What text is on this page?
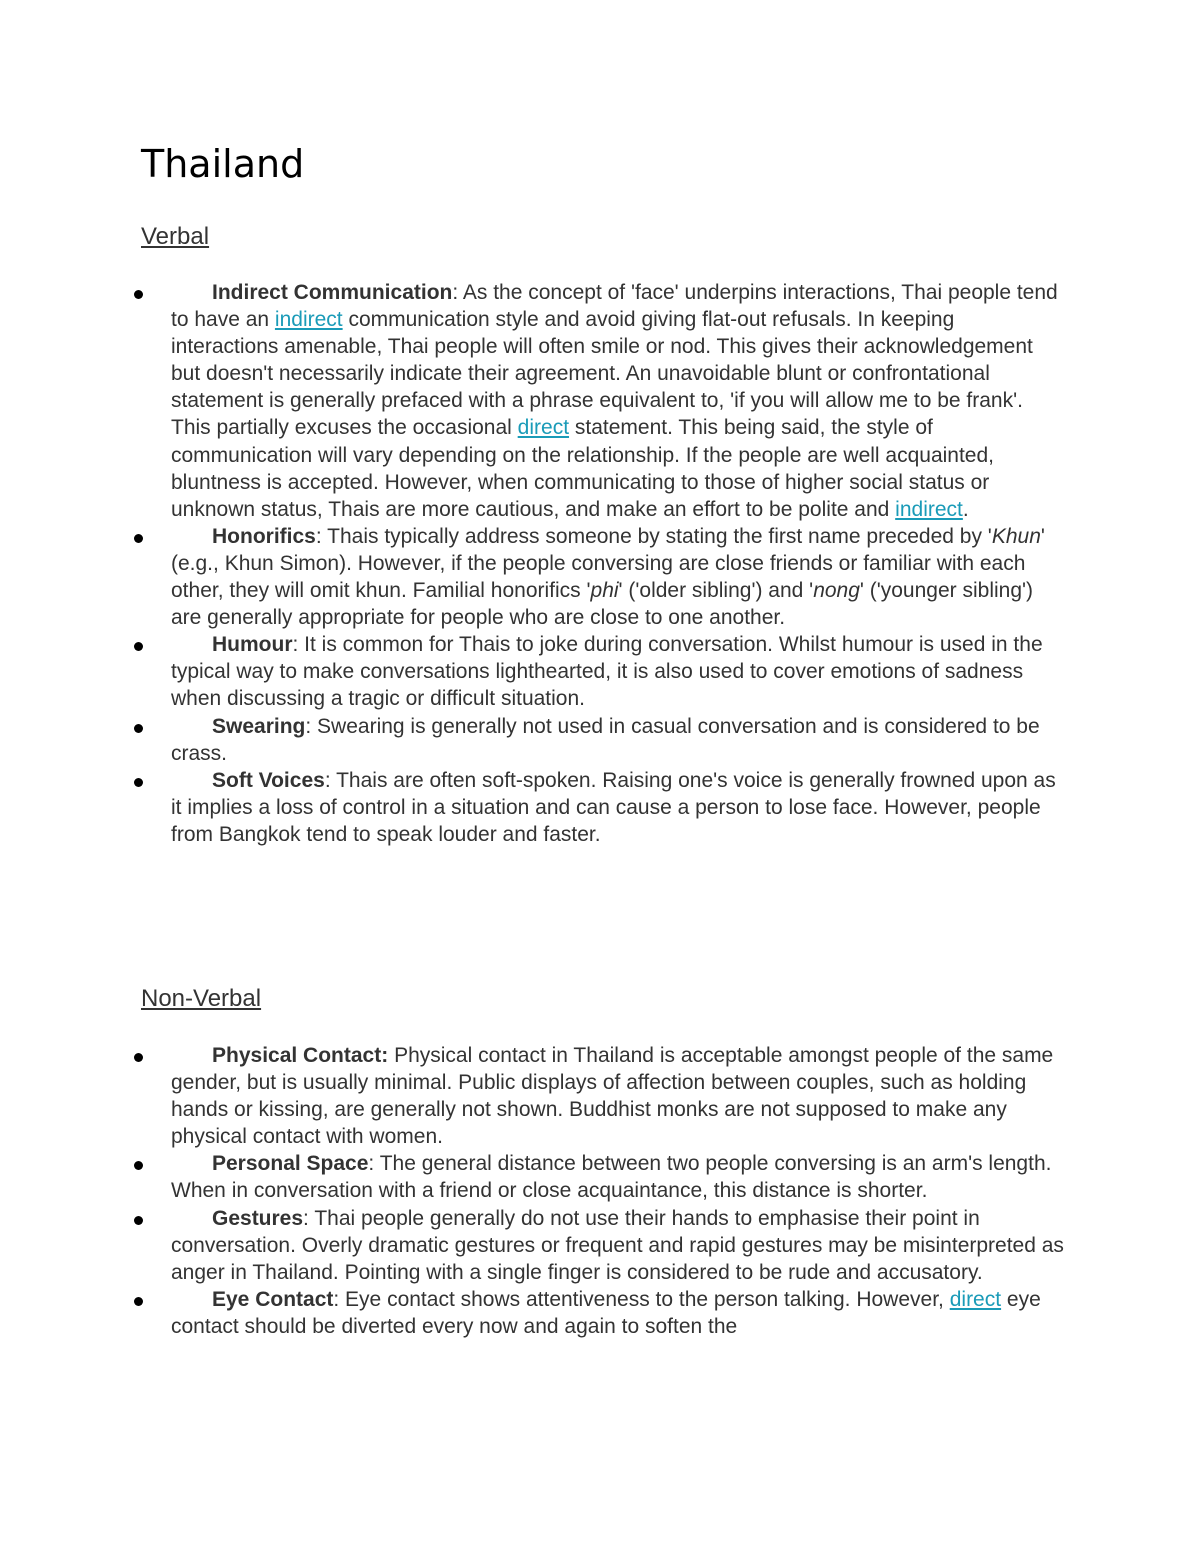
Thailand
Verbal
Indirect Communication: As the concept of 'face' underpins interactions, Thai people tend to have an indirect communication style and avoid giving flat-out refusals. In keeping interactions amenable, Thai people will often smile or nod. This gives their acknowledgement but doesn't necessarily indicate their agreement. An unavoidable blunt or confrontational statement is generally prefaced with a phrase equivalent to, 'if you will allow me to be frank'. This partially excuses the occasional direct statement. This being said, the style of communication will vary depending on the relationship. If the people are well acquainted, bluntness is accepted. However, when communicating to those of higher social status or unknown status, Thais are more cautious, and make an effort to be polite and indirect.
Honorifics: Thais typically address someone by stating the first name preceded by 'Khun' (e.g., Khun Simon). However, if the people conversing are close friends or familiar with each other, they will omit khun. Familial honorifics 'phi' ('older sibling') and 'nong' ('younger sibling') are generally appropriate for people who are close to one another.
Humour: It is common for Thais to joke during conversation. Whilst humour is used in the typical way to make conversations lighthearted, it is also used to cover emotions of sadness when discussing a tragic or difficult situation.
Swearing: Swearing is generally not used in casual conversation and is considered to be crass.
Soft Voices: Thais are often soft-spoken. Raising one's voice is generally frowned upon as it implies a loss of control in a situation and can cause a person to lose face. However, people from Bangkok tend to speak louder and faster.
Non-Verbal
Physical Contact: Physical contact in Thailand is acceptable amongst people of the same gender, but is usually minimal. Public displays of affection between couples, such as holding hands or kissing, are generally not shown. Buddhist monks are not supposed to make any physical contact with women.
Personal Space: The general distance between two people conversing is an arm's length. When in conversation with a friend or close acquaintance, this distance is shorter.
Gestures: Thai people generally do not use their hands to emphasise their point in conversation. Overly dramatic gestures or frequent and rapid gestures may be misinterpreted as anger in Thailand. Pointing with a single finger is considered to be rude and accusatory.
Eye Contact: Eye contact shows attentiveness to the person talking. However, direct eye contact should be diverted every now and again to soften the
